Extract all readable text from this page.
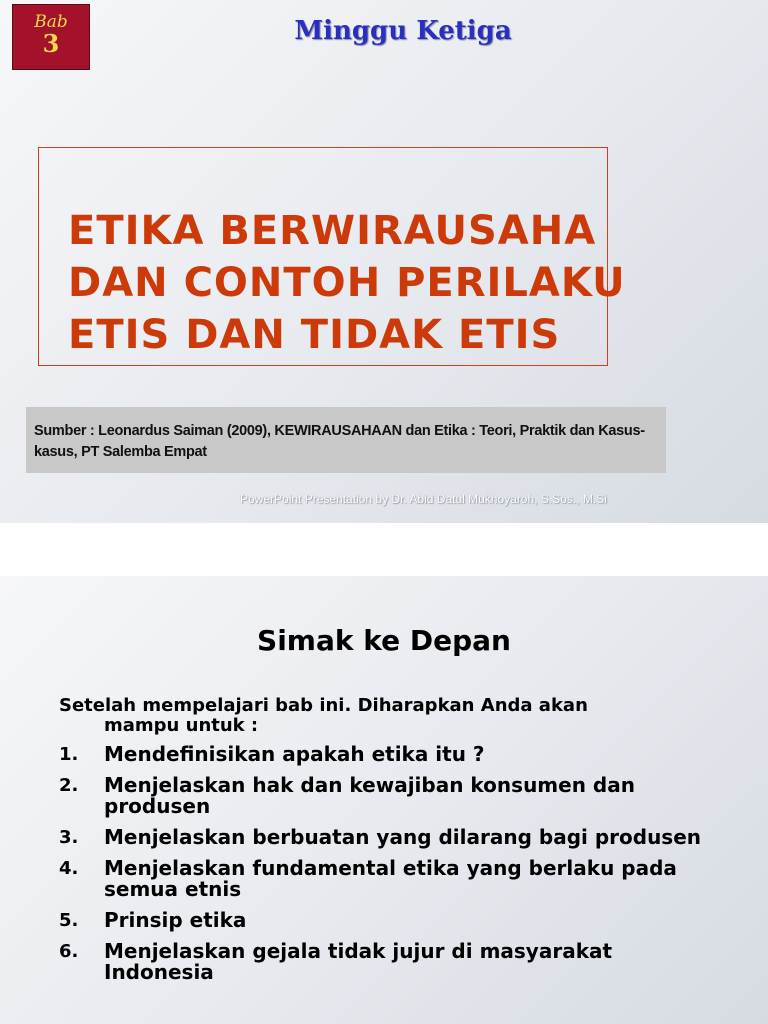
Bab
3	Minggu Ketiga
ETIKA BERWIRAUSAHA DAN CONTOH PERILAKU ETIS DAN TIDAK ETIS
Sumber : Leonardus Saiman (2009), KEWIRAUSAHAAN dan Etika : Teori, Praktik dan Kasus-kasus, PT Salemba Empat
PowerPoint Presentation by Dr. Abid Datul Mukhoyaroh, S.Sos., M.Si
Simak ke Depan
Setelah mempelajari bab ini. Diharapkan Anda akan
mampu untuk :
1. Mendefinisikan apakah etika itu ?
2. Menjelaskan hak dan kewajiban konsumen dan produsen
3. Menjelaskan berbuatan yang dilarang bagi produsen
4. Menjelaskan fundamental etika yang berlaku pada semua etnis
5. Prinsip etika
6. Menjelaskan gejala tidak jujur di masyarakat Indonesia
